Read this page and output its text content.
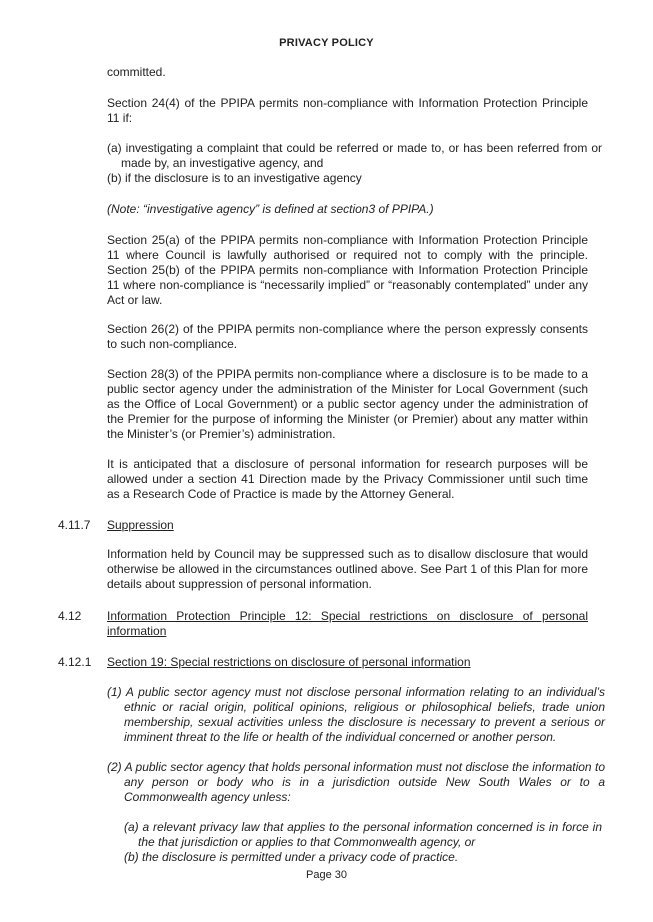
PRIVACY POLICY

committed.

Section 24(4) of the PPIPA permits non-compliance with Information Protection Principle 11 if:

(a) investigating a complaint that could be referred or made to, or has been referred from or made by, an investigative agency, and

(b) if the disclosure is to an investigative agency

(Note: “investigative agency” is defined at section3 of PPIPA.)

Section 25(a) of the PPIPA permits non-compliance with Information Protection Principle 11 where Council is lawfully authorised or required not to comply with the principle. Section 25(b) of the PPIPA permits non-compliance with Information Protection Principle 11 where non-compliance is “necessarily implied” or “reasonably contemplated” under any Act or law.

Section 26(2) of the PPIPA permits non-compliance where the person expressly consents to such non-compliance.

Section 28(3) of the PPIPA permits non-compliance where a disclosure is to be made to a public sector agency under the administration of the Minister for Local Government (such as the Office of Local Government) or a public sector agency under the administration of the Premier for the purpose of informing the Minister (or Premier) about any matter within the Minister’s (or Premier’s) administration.

It is anticipated that a disclosure of personal information for research purposes will be allowed under a section 41 Direction made by the Privacy Commissioner until such time as a Research Code of Practice is made by the Attorney General.

4.11.7 Suppression

Information held by Council may be suppressed such as to disallow disclosure that would otherwise be allowed in the circumstances outlined above. See Part 1 of this Plan for more details about suppression of personal information.

4.12 Information Protection Principle 12: Special restrictions on disclosure of personal information

4.12.1 Section 19: Special restrictions on disclosure of personal information

(1) A public sector agency must not disclose personal information relating to an individual’s ethnic or racial origin, political opinions, religious or philosophical beliefs, trade union membership, sexual activities unless the disclosure is necessary to prevent a serious or imminent threat to the life or health of the individual concerned or another person.

(2) A public sector agency that holds personal information must not disclose the information to any person or body who is in a jurisdiction outside New South Wales or to a Commonwealth agency unless:

(a) a relevant privacy law that applies to the personal information concerned is in force in the that jurisdiction or applies to that Commonwealth agency, or

(b) the disclosure is permitted under a privacy code of practice.

Page 30
